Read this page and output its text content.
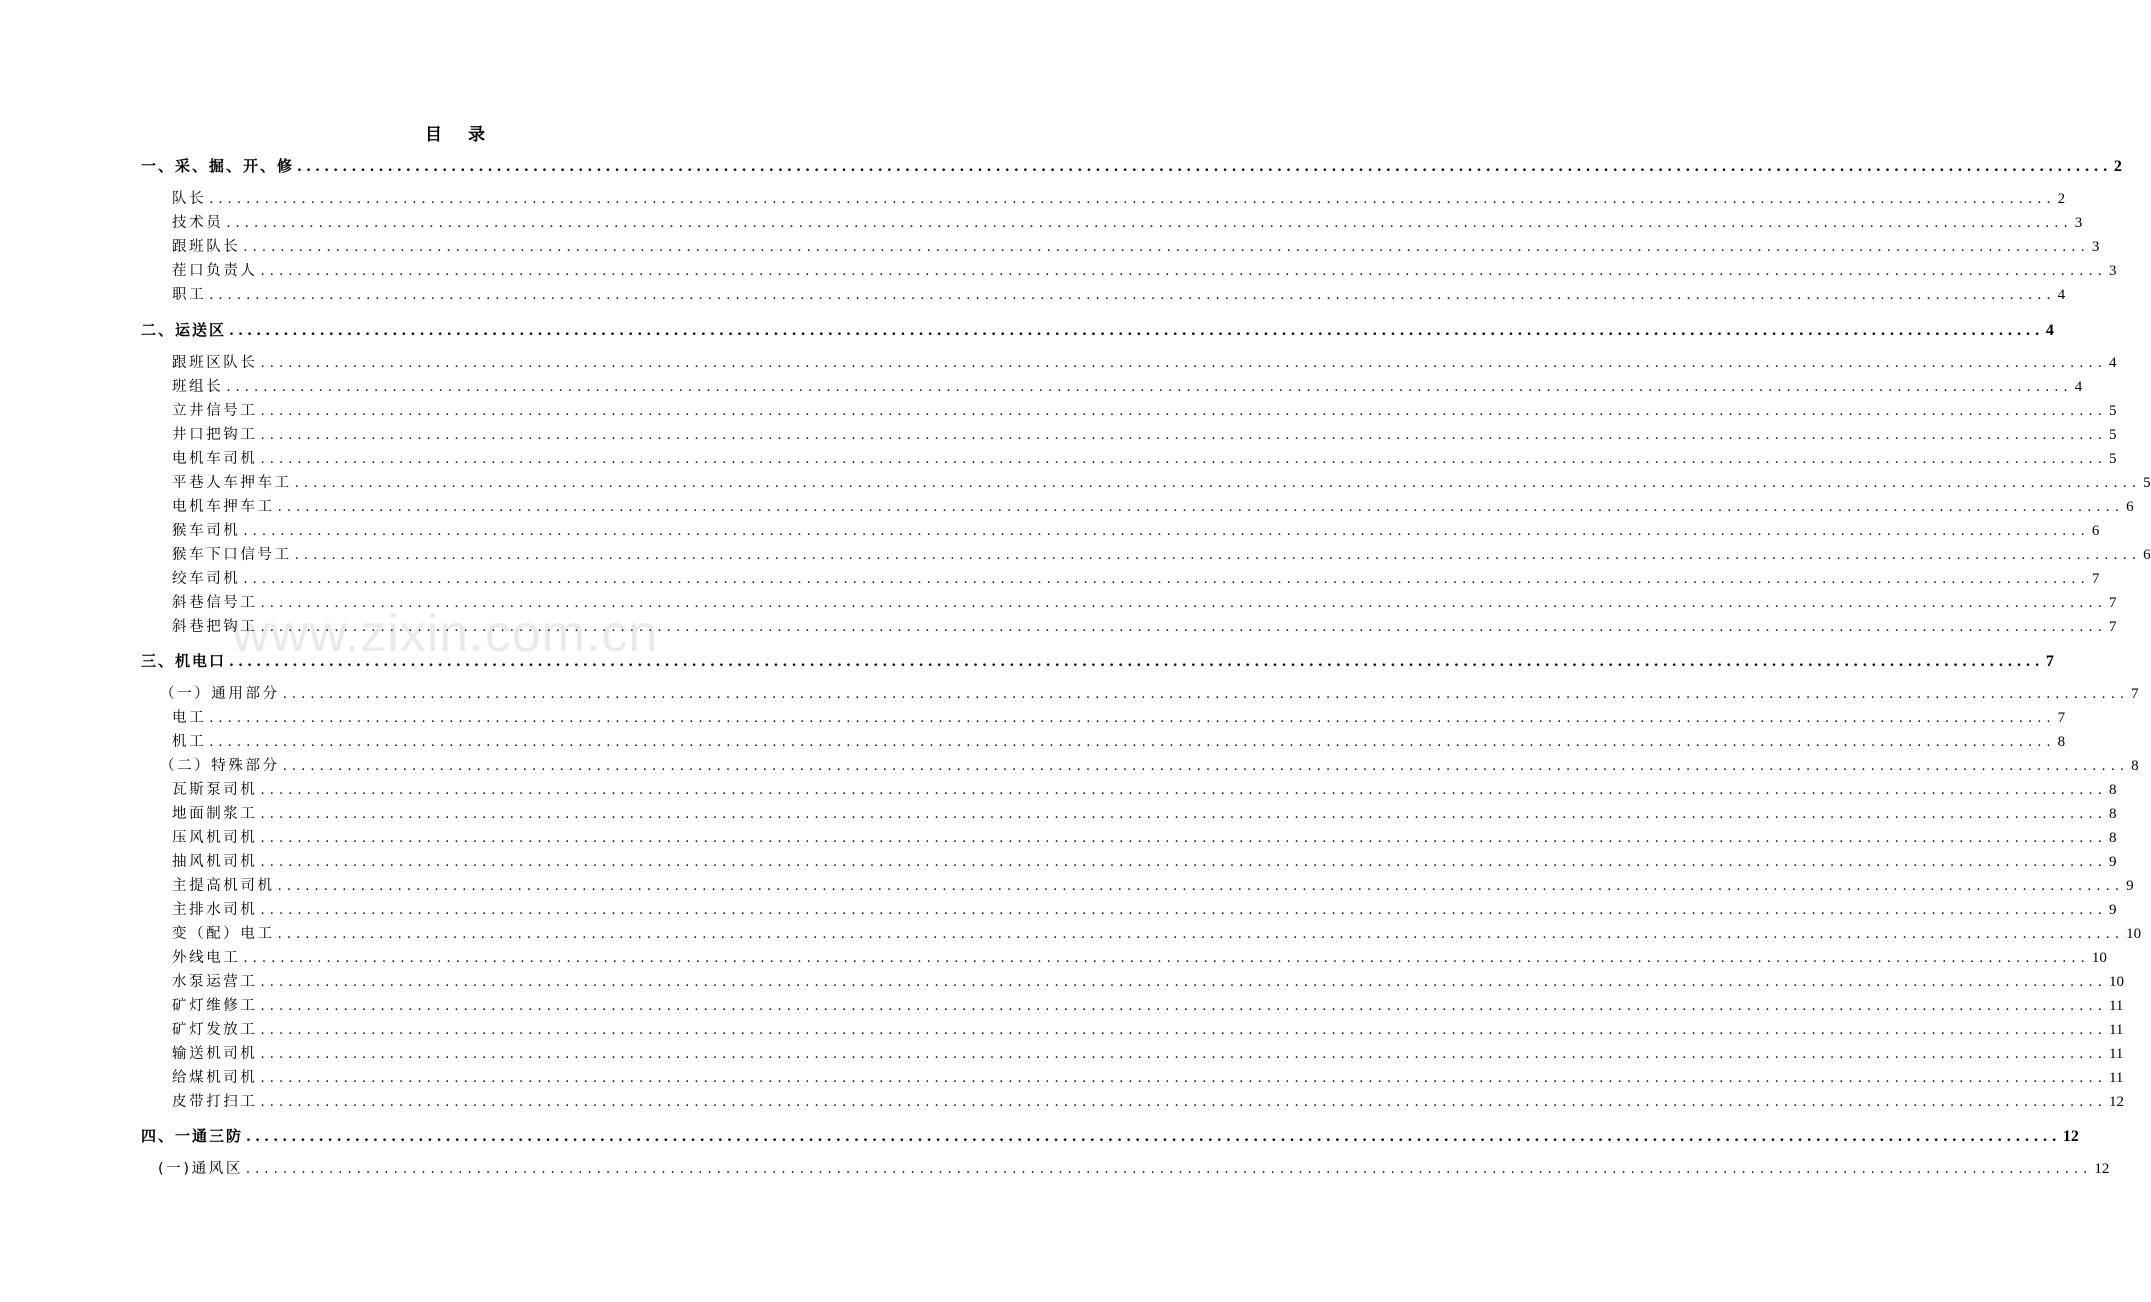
目 录
www.zixin.com.cn
一、采、掘、开、修 ........................................................................................................................................................................................................ 2
队长 ........................................................................................................................................................................................................ 2
技术员 ........................................................................................................................................................................................................ 3
跟班队长 ........................................................................................................................................................................................................ 3
茬口负责人 ........................................................................................................................................................................................................ 3
职工 ........................................................................................................................................................................................................ 4
二、运送区 ........................................................................................................................................................................................................ 4
跟班区队长 ........................................................................................................................................................................................................ 4
班组长 ........................................................................................................................................................................................................ 4
立井信号工 ........................................................................................................................................................................................................ 5
井口把钩工 ........................................................................................................................................................................................................ 5
电机车司机 ........................................................................................................................................................................................................ 5
平巷人车押车工 ........................................................................................................................................................................................................ 5
电机车押车工 ........................................................................................................................................................................................................ 6
猴车司机 ........................................................................................................................................................................................................ 6
猴车下口信号工 ........................................................................................................................................................................................................ 6
绞车司机 ........................................................................................................................................................................................................ 7
斜巷信号工 ........................................................................................................................................................................................................ 7
斜巷把钩工 ........................................................................................................................................................................................................ 7
三、机电口 ........................................................................................................................................................................................................ 7
（一）通用部分 ........................................................................................................................................................................................................ 7
电工 ........................................................................................................................................................................................................ 7
机工 ........................................................................................................................................................................................................ 8
（二）特殊部分 ........................................................................................................................................................................................................ 8
瓦斯泵司机 ........................................................................................................................................................................................................ 8
地面制浆工 ........................................................................................................................................................................................................ 8
压风机司机 ........................................................................................................................................................................................................ 8
抽风机司机 ........................................................................................................................................................................................................ 9
主提高机司机 ........................................................................................................................................................................................................ 9
主排水司机 ........................................................................................................................................................................................................ 9
变（配）电工 ........................................................................................................................................................................................................ 10
外线电工 ........................................................................................................................................................................................................ 10
水泵运营工 ........................................................................................................................................................................................................ 10
矿灯维修工 ........................................................................................................................................................................................................ 11
矿灯发放工 ........................................................................................................................................................................................................ 11
输送机司机 ........................................................................................................................................................................................................ 11
给煤机司机 ........................................................................................................................................................................................................ 11
皮带打扫工 ........................................................................................................................................................................................................ 12
四、一通三防 ........................................................................................................................................................................................................ 12
(一)通风区 ........................................................................................................................................................................................................ 12
